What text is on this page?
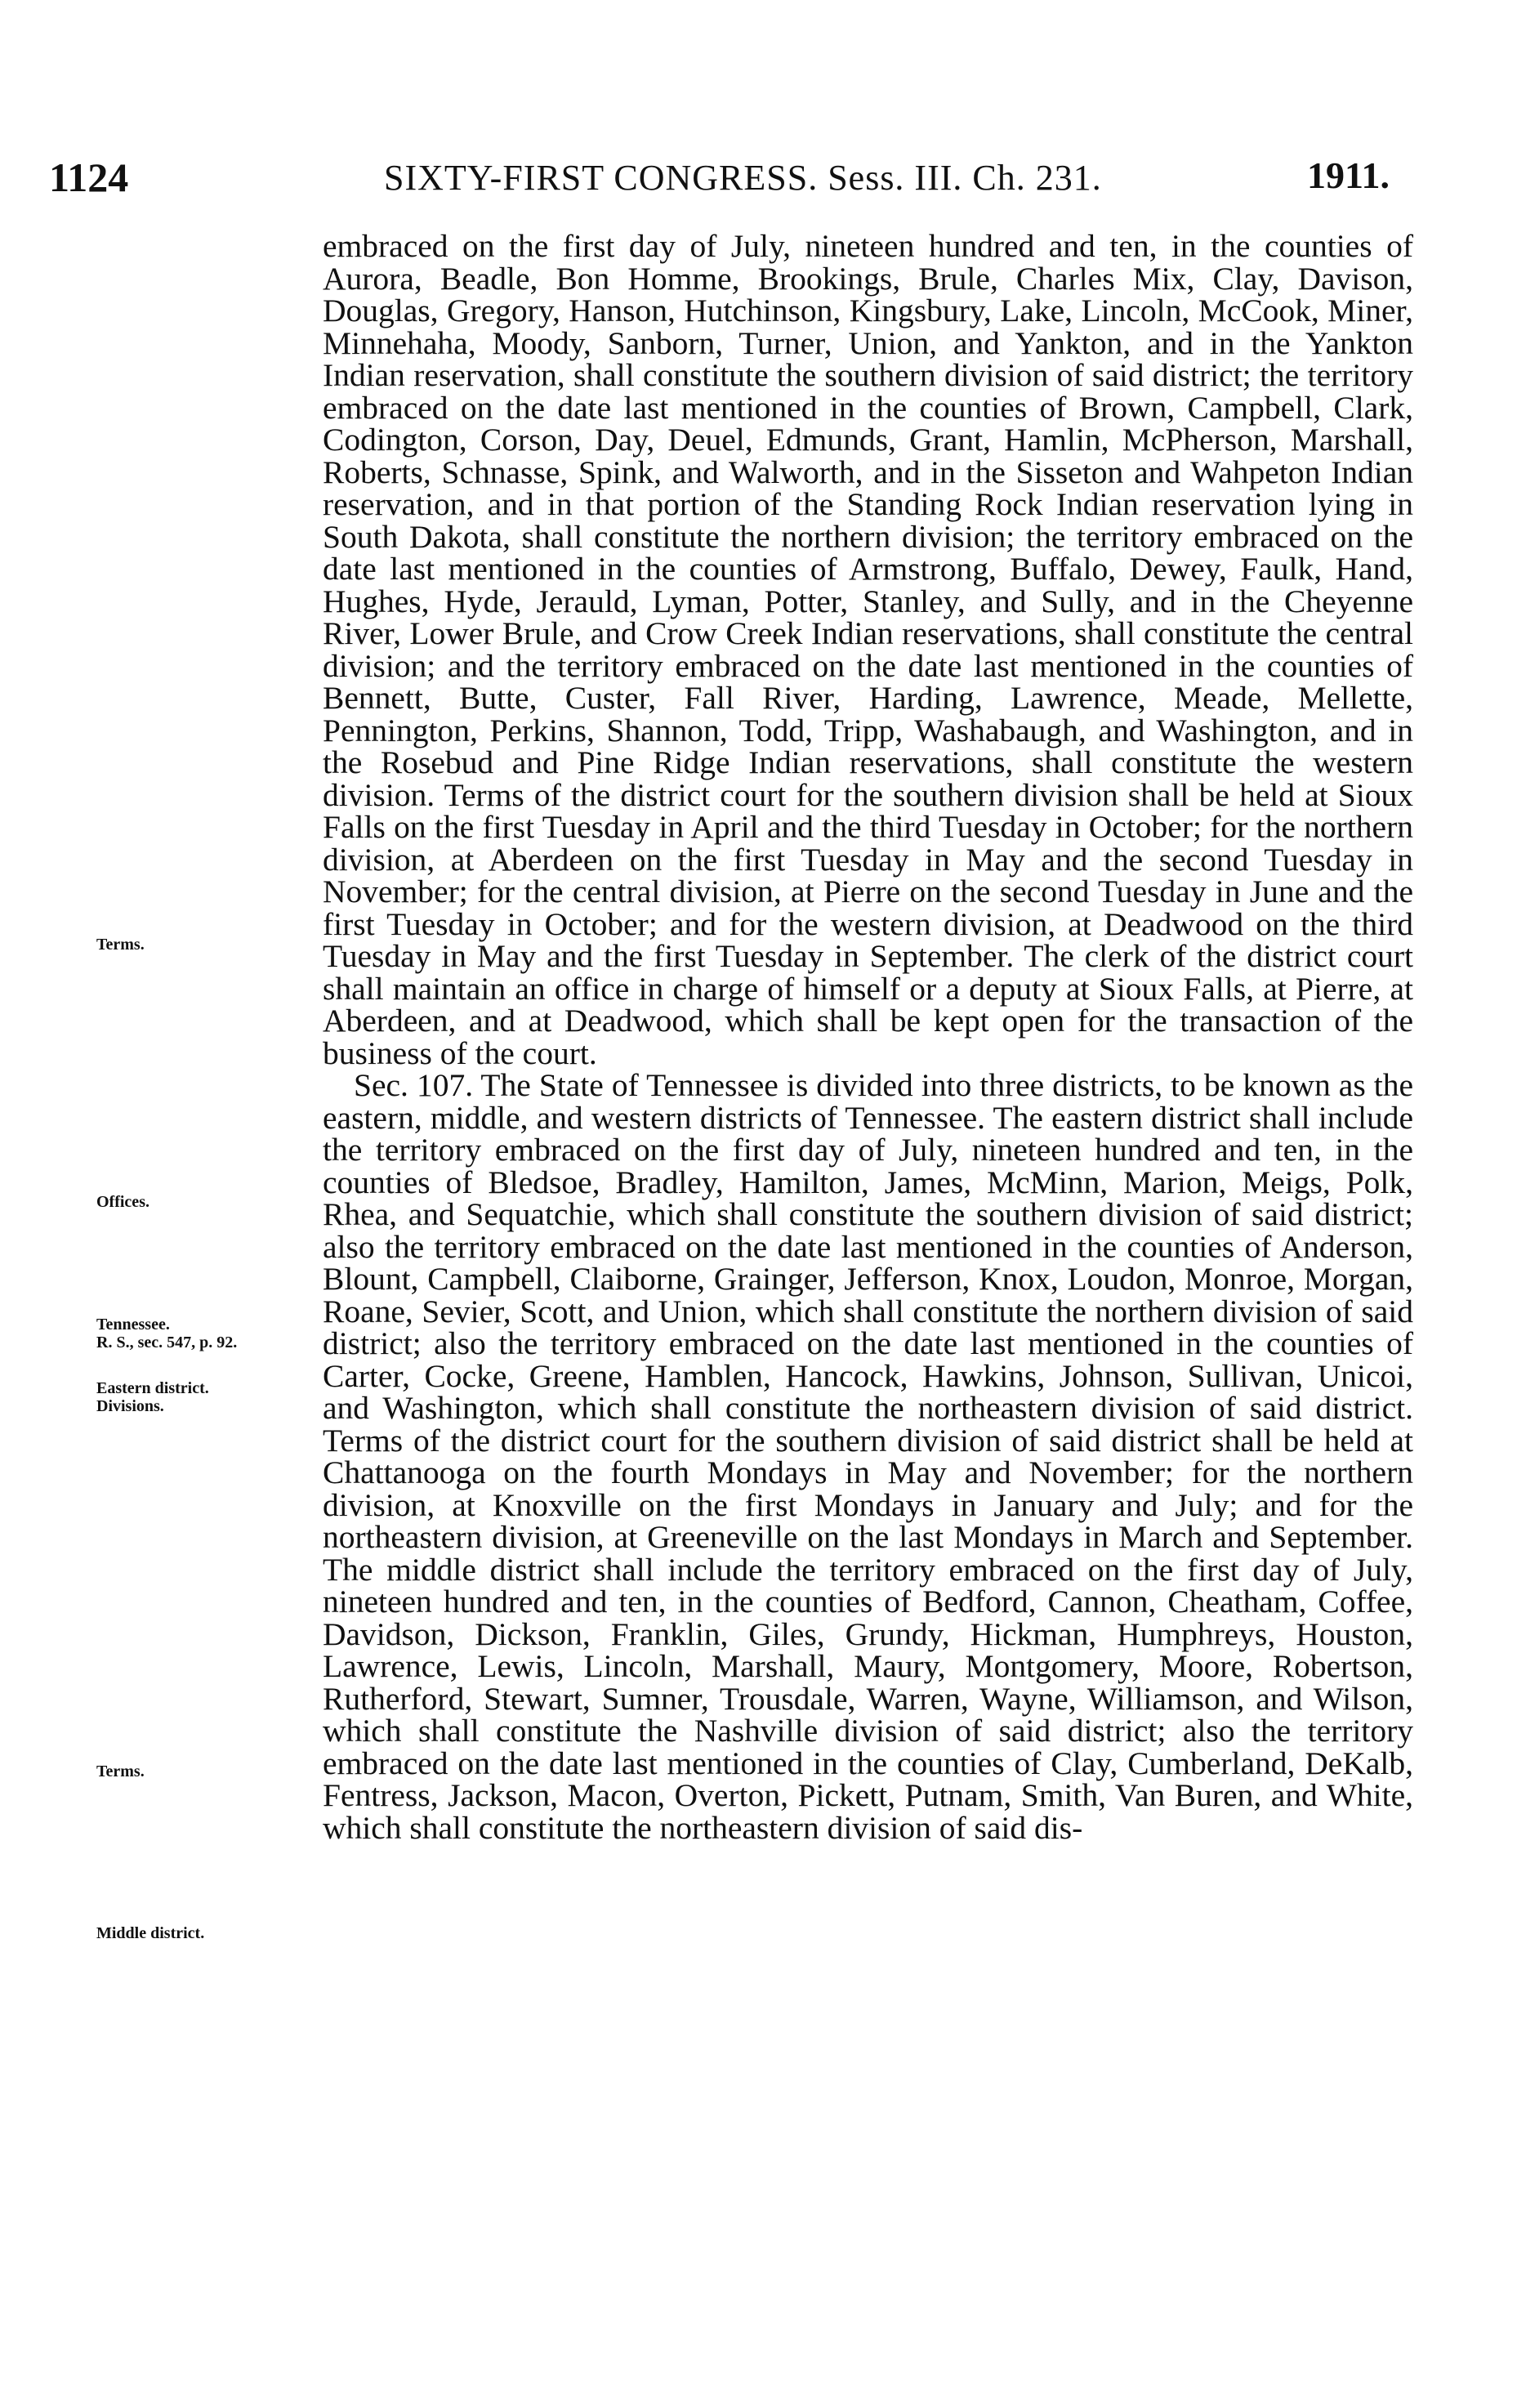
1124	SIXTY-FIRST CONGRESS. Sess. III. Ch. 231.	1911.
Terms.
Offices.
Tennessee.
R. S., sec. 547, p. 92.
Eastern district.
Divisions.
Terms.
Middle district.

embraced on the first day of July, nineteen hundred and ten, in the counties of Aurora, Beadle, Bon Homme, Brookings, Brule, Charles Mix, Clay, Davison, Douglas, Gregory, Hanson, Hutchinson, Kingsbury, Lake, Lincoln, McCook, Miner, Minnehaha, Moody, Sanborn, Turner, Union, and Yankton, and in the Yankton Indian reservation, shall constitute the southern division of said district; the territory embraced on the date last mentioned in the counties of Brown, Campbell, Clark, Codington, Corson, Day, Deuel, Edmunds, Grant, Hamlin, McPherson, Marshall, Roberts, Schnasse, Spink, and Walworth, and in the Sisseton and Wahpeton Indian reservation, and in that portion of the Standing Rock Indian reservation lying in South Dakota, shall constitute the northern division; the territory embraced on the date last mentioned in the counties of Armstrong, Buffalo, Dewey, Faulk, Hand, Hughes, Hyde, Jerauld, Lyman, Potter, Stanley, and Sully, and in the Cheyenne River, Lower Brule, and Crow Creek Indian reservations, shall constitute the central division; and the territory embraced on the date last mentioned in the counties of Bennett, Butte, Custer, Fall River, Harding, Lawrence, Meade, Mellette, Pennington, Perkins, Shannon, Todd, Tripp, Washabaugh, and Washington, and in the Rosebud and Pine Ridge Indian reservations, shall constitute the western division. Terms of the district court for the southern division shall be held at Sioux Falls on the first Tuesday in April and the third Tuesday in October; for the northern division, at Aberdeen on the first Tuesday in May and the second Tuesday in November; for the central division, at Pierre on the second Tuesday in June and the first Tuesday in October; and for the western division, at Deadwood on the third Tuesday in May and the first Tuesday in September. The clerk of the district court shall maintain an office in charge of himself or a deputy at Sioux Falls, at Pierre, at Aberdeen, and at Deadwood, which shall be kept open for the transaction of the business of the court.

Sec. 107. The State of Tennessee is divided into three districts, to be known as the eastern, middle, and western districts of Tennessee. The eastern district shall include the territory embraced on the first day of July, nineteen hundred and ten, in the counties of Bledsoe, Bradley, Hamilton, James, McMinn, Marion, Meigs, Polk, Rhea, and Sequatchie, which shall constitute the southern division of said district; also the territory embraced on the date last mentioned in the counties of Anderson, Blount, Campbell, Claiborne, Grainger, Jefferson, Knox, Loudon, Monroe, Morgan, Roane, Sevier, Scott, and Union, which shall constitute the northern division of said district; also the territory embraced on the date last mentioned in the counties of Carter, Cocke, Greene, Hamblen, Hancock, Hawkins, Johnson, Sullivan, Unicoi, and Washington, which shall constitute the northeastern division of said district. Terms of the district court for the southern division of said district shall be held at Chattanooga on the fourth Mondays in May and November; for the northern division, at Knoxville on the first Mondays in January and July; and for the northeastern division, at Greeneville on the last Mondays in March and September. The middle district shall include the territory embraced on the first day of July, nineteen hundred and ten, in the counties of Bedford, Cannon, Cheatham, Coffee, Davidson, Dickson, Franklin, Giles, Grundy, Hickman, Humphreys, Houston, Lawrence, Lewis, Lincoln, Marshall, Maury, Montgomery, Moore, Robertson, Rutherford, Stewart, Sumner, Trousdale, Warren, Wayne, Williamson, and Wilson, which shall constitute the Nashville division of said district; also the territory embraced on the date last mentioned in the counties of Clay, Cumberland, DeKalb, Fentress, Jackson, Macon, Overton, Pickett, Putnam, Smith, Van Buren, and White, which shall constitute the northeastern division of said dis-
